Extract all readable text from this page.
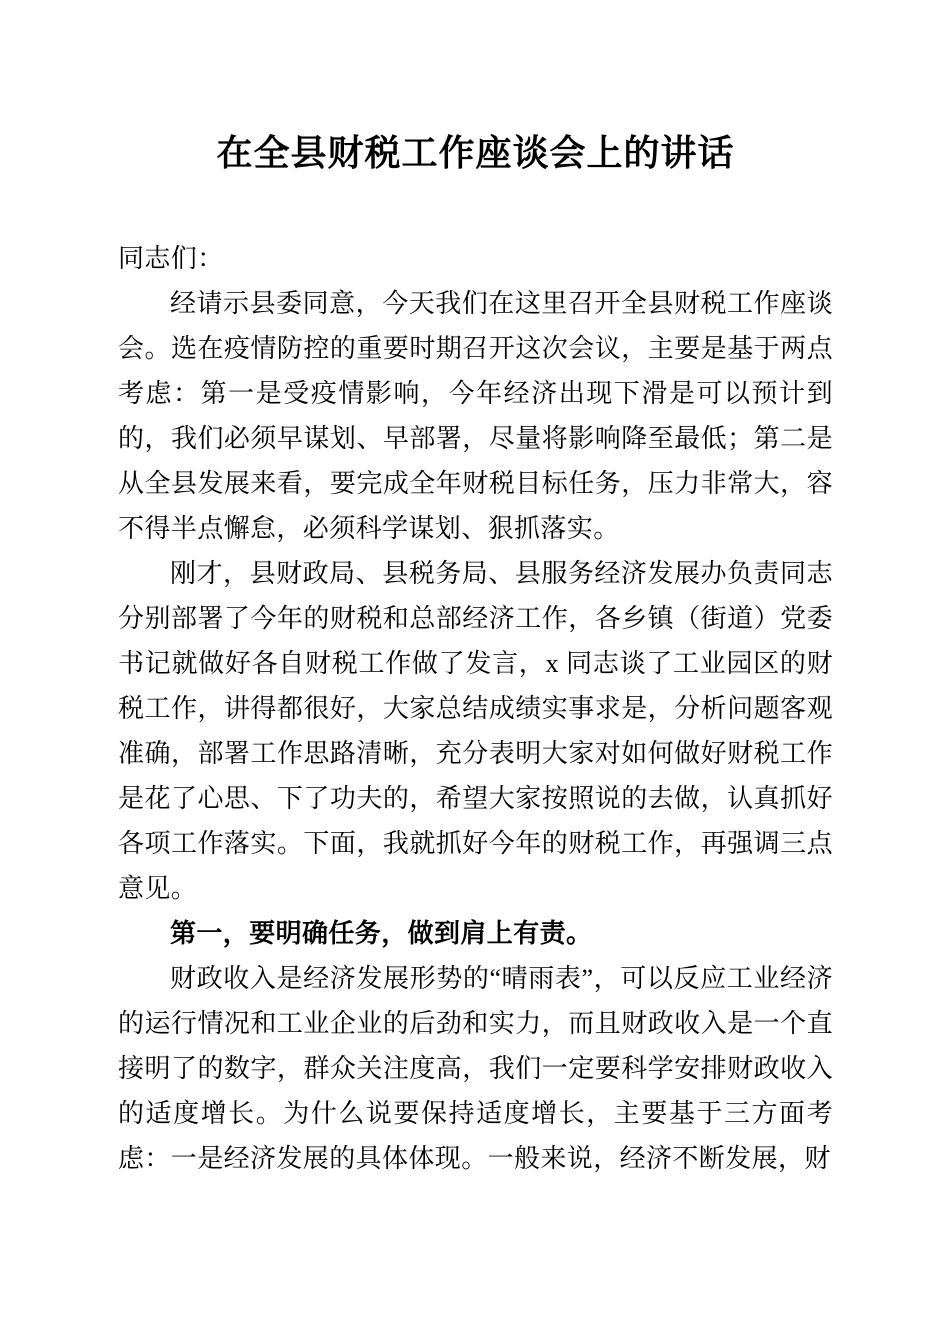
在全县财税工作座谈会上的讲话

同志们：

经请示县委同意，今天我们在这里召开全县财税工作座谈会。选在疫情防控的重要时期召开这次会议，主要是基于两点考虑：第一是受疫情影响，今年经济出现下滑是可以预计到的，我们必须早谋划、早部署，尽量将影响降至最低；第二是从全县发展来看，要完成全年财税目标任务，压力非常大，容不得半点懈怠，必须科学谋划、狠抓落实。

刚才，县财政局、县税务局、县服务经济发展办负责同志分别部署了今年的财税和总部经济工作，各乡镇（街道）党委书记就做好各自财税工作做了发言，x 同志谈了工业园区的财税工作，讲得都很好，大家总结成绩实事求是，分析问题客观准确，部署工作思路清晰，充分表明大家对如何做好财税工作是花了心思、下了功夫的，希望大家按照说的去做，认真抓好各项工作落实。下面，我就抓好今年的财税工作，再强调三点意见。

第一，要明确任务，做到肩上有责。

财政收入是经济发展形势的“晴雨表”，可以反应工业经济的运行情况和工业企业的后劲和实力，而且财政收入是一个直接明了的数字，群众关注度高，我们一定要科学安排财政收入的适度增长。为什么说要保持适度增长，主要基于三方面考虑：一是经济发展的具体体现。一般来说，经济不断发展，财
